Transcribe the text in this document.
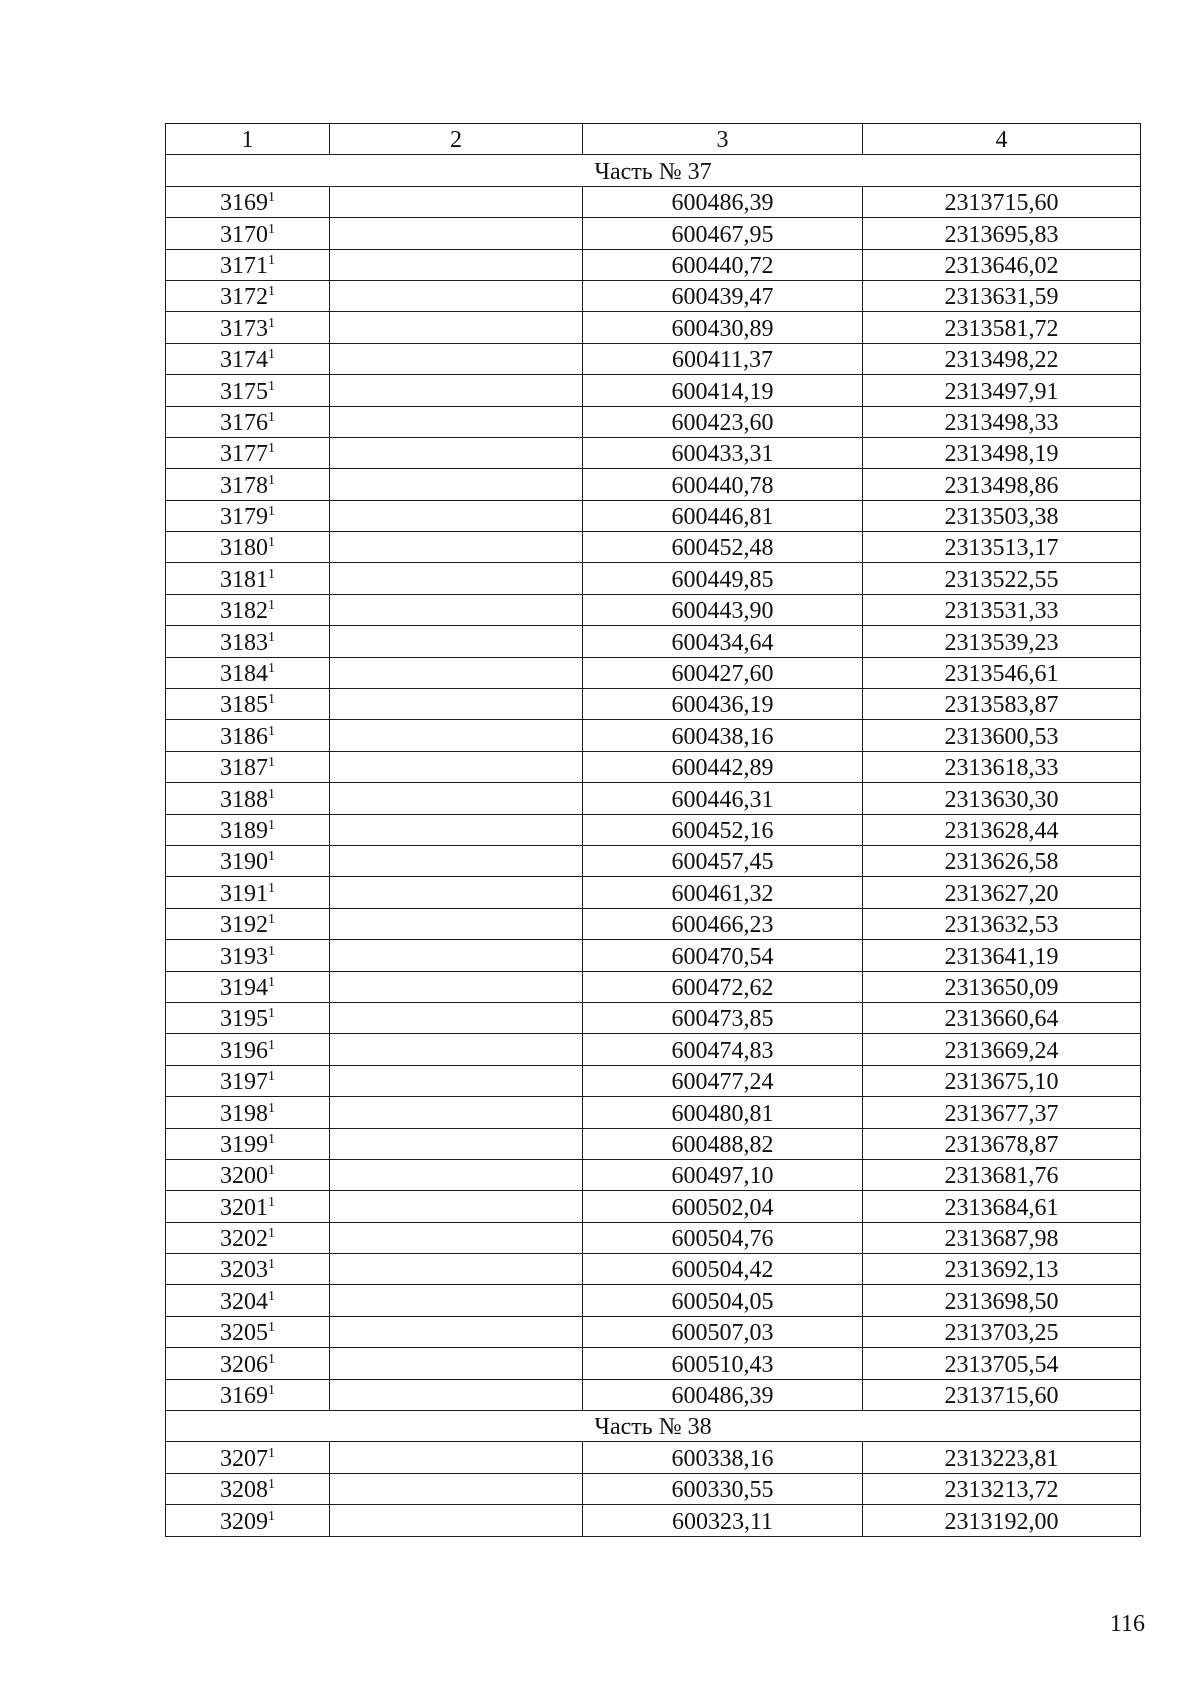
1	2	3	4
Часть № 37			
3169$^1$		600486,39	2313715,60
3170$^1$		600467,95	2313695,83
3171$^1$		600440,72	2313646,02
3172$^1$		600439,47	2313631,59
3173$^1$		600430,89	2313581,72
3174$^1$		600411,37	2313498,22
3175$^1$		600414,19	2313497,91
3176$^1$		600423,60	2313498,33
3177$^1$		600433,31	2313498,19
3178$^1$		600440,78	2313498,86
3179$^1$		600446,81	2313503,38
3180$^1$		600452,48	2313513,17
3181$^1$		600449,85	2313522,55
3182$^1$		600443,90	2313531,33
3183$^1$		600434,64	2313539,23
3184$^1$		600427,60	2313546,61
3185$^1$		600436,19	2313583,87
3186$^1$		600438,16	2313600,53
3187$^1$		600442,89	2313618,33
3188$^1$		600446,31	2313630,30
3189$^1$		600452,16	2313628,44
3190$^1$		600457,45	2313626,58
3191$^1$		600461,32	2313627,20
3192$^1$		600466,23	2313632,53
3193$^1$		600470,54	2313641,19
3194$^1$		600472,62	2313650,09
3195$^1$		600473,85	2313660,64
3196$^1$		600474,83	2313669,24
3197$^1$		600477,24	2313675,10
3198$^1$		600480,81	2313677,37
3199$^1$		600488,82	2313678,87
3200$^1$		600497,10	2313681,76
3201$^1$		600502,04	2313684,61
3202$^1$		600504,76	2313687,98
3203$^1$		600504,42	2313692,13
3204$^1$		600504,05	2313698,50
3205$^1$		600507,03	2313703,25
3206$^1$		600510,43	2313705,54
3169$^1$		600486,39	2313715,60
Часть № 38			
3207$^1$		600338,16	2313223,81
3208$^1$		600330,55	2313213,72
3209$^1$		600323,11	2313192,00
116
